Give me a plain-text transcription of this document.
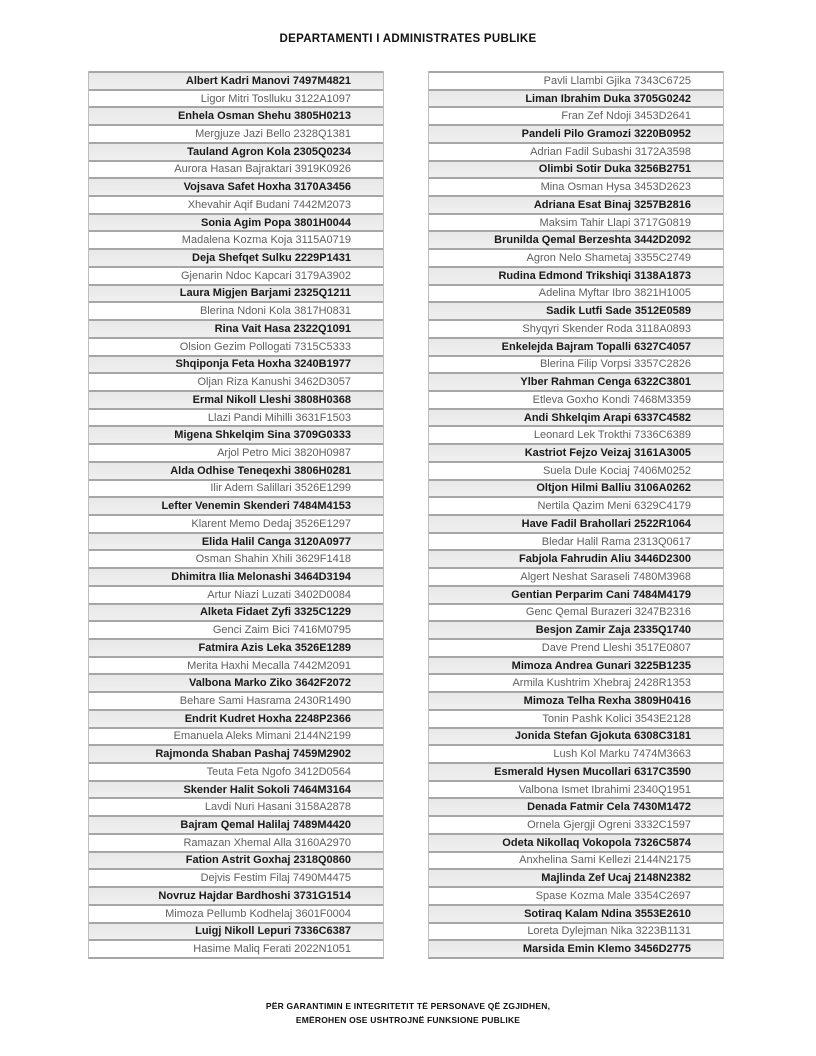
DEPARTAMENTI I ADMINISTRATES PUBLIKE
Albert Kadri Manovi 7497M4821
Ligor Mitri Toslluku 3122A1097
Enhela Osman Shehu 3805H0213
Mergjuze Jazi Bello 2328Q1381
Tauland Agron Kola 2305Q0234
Aurora Hasan Bajraktari 3919K0926
Vojsava Safet Hoxha 3170A3456
Xhevahir Aqif Budani 7442M2073
Sonia Agim Popa 3801H0044
Madalena Kozma Koja 3115A0719
Deja Shefqet Sulku 2229P1431
Gjenarin Ndoc Kapcari 3179A3902
Laura Migjen Barjami 2325Q1211
Blerina Ndoni Kola 3817H0831
Rina Vait Hasa 2322Q1091
Olsion Gezim Pollogati 7315C5333
Shqiponja Feta Hoxha 3240B1977
Oljan Riza Kanushi 3462D3057
Ermal Nikoll Lleshi 3808H0368
Llazi Pandi Mihilli 3631F1503
Migena Shkelqim Sina 3709G0333
Arjol Petro Mici 3820H0987
Alda Odhise Teneqexhi 3806H0281
Ilir Adem Salillari 3526E1299
Lefter Venemin Skenderi 7484M4153
Klarent Memo Dedaj 3526E1297
Elida Halil Canga 3120A0977
Osman Shahin Xhili 3629F1418
Dhimitra Ilia Melonashi 3464D3194
Artur Niazi Luzati 3402D0084
Alketa Fidaet Zyfi 3325C1229
Genci Zaim Bici 7416M0795
Fatmira Azis Leka 3526E1289
Merita Haxhi Mecalla 7442M2091
Valbona Marko Ziko 3642F2072
Behare Sami Hasrama 2430R1490
Endrit Kudret Hoxha 2248P2366
Emanuela Aleks Mimani 2144N2199
Rajmonda Shaban Pashaj 7459M2902
Teuta Feta Ngofo 3412D0564
Skender Halit Sokoli 7464M3164
Lavdi Nuri Hasani 3158A2878
Bajram Qemal Halilaj 7489M4420
Ramazan Xhemal Alla 3160A2970
Fation Astrit Goxhaj 2318Q0860
Dejvis Festim Filaj 7490M4475
Novruz Hajdar Bardhoshi 3731G1514
Mimoza Pellumb Kodhelaj 3601F0004
Luigj Nikoll Lepuri 7336C6387
Hasime Maliq Ferati 2022N1051
Pavli Llambi Gjika 7343C6725
Liman Ibrahim Duka 3705G0242
Fran Zef Ndoji 3453D2641
Pandeli Pilo Gramozi 3220B0952
Adrian Fadil Subashi 3172A3598
Olimbi Sotir Duka 3256B2751
Mina Osman Hysa 3453D2623
Adriana Esat Binaj 3257B2816
Maksim Tahir Llapi 3717G0819
Brunilda Qemal Berzeshta 3442D2092
Agron Nelo Shametaj 3355C2749
Rudina Edmond Trikshiqi 3138A1873
Adelina Myftar Ibro 3821H1005
Sadik Lutfi Sade 3512E0589
Shyqyri Skender Roda 3118A0893
Enkelejda Bajram Topalli 6327C4057
Blerina Filip Vorpsi 3357C2826
Ylber Rahman Cenga 6322C3801
Etleva Goxho Kondi 7468M3359
Andi Shkelqim Arapi 6337C4582
Leonard Lek Trokthi 7336C6389
Kastriot Fejzo Veizaj 3161A3005
Suela Dule Kociaj 7406M0252
Oltjon Hilmi Balliu 3106A0262
Nertila Qazim Meni 6329C4179
Have Fadil Brahollari 2522R1064
Bledar Halil Rama 2313Q0617
Fabjola Fahrudin Aliu 3446D2300
Algert Neshat Saraseli 7480M3968
Gentian Perparim Cani 7484M4179
Genc Qemal Burazeri 3247B2316
Besjon Zamir Zaja 2335Q1740
Dave Prend Lleshi 3517E0807
Mimoza Andrea Gunari 3225B1235
Armila Kushtrim Xhebraj 2428R1353
Mimoza Telha Rexha 3809H0416
Tonin Pashk Kolici 3543E2128
Jonida Stefan Gjokuta 6308C3181
Lush Kol Marku 7474M3663
Esmerald Hysen Mucollari 6317C3590
Valbona Ismet Ibrahimi 2340Q1951
Denada Fatmir Cela 7430M1472
Ornela Gjergji Ogreni 3332C1597
Odeta Nikollaq Vokopola 7326C5874
Anxhelina Sami Kellezi 2144N2175
Majlinda Zef Ucaj 2148N2382
Spase Kozma Male 3354C2697
Sotiraq Kalam Ndina 3553E2610
Loreta Dylejman Nika 3223B1131
Marsida Emin Klemo 3456D2775
PËR GARANTIMIN E INTEGRITETIT TË PERSONAVE QË ZGJIDHEN,
EMËROHEN OSE USHTROJNË FUNKSIONE PUBLIKE
